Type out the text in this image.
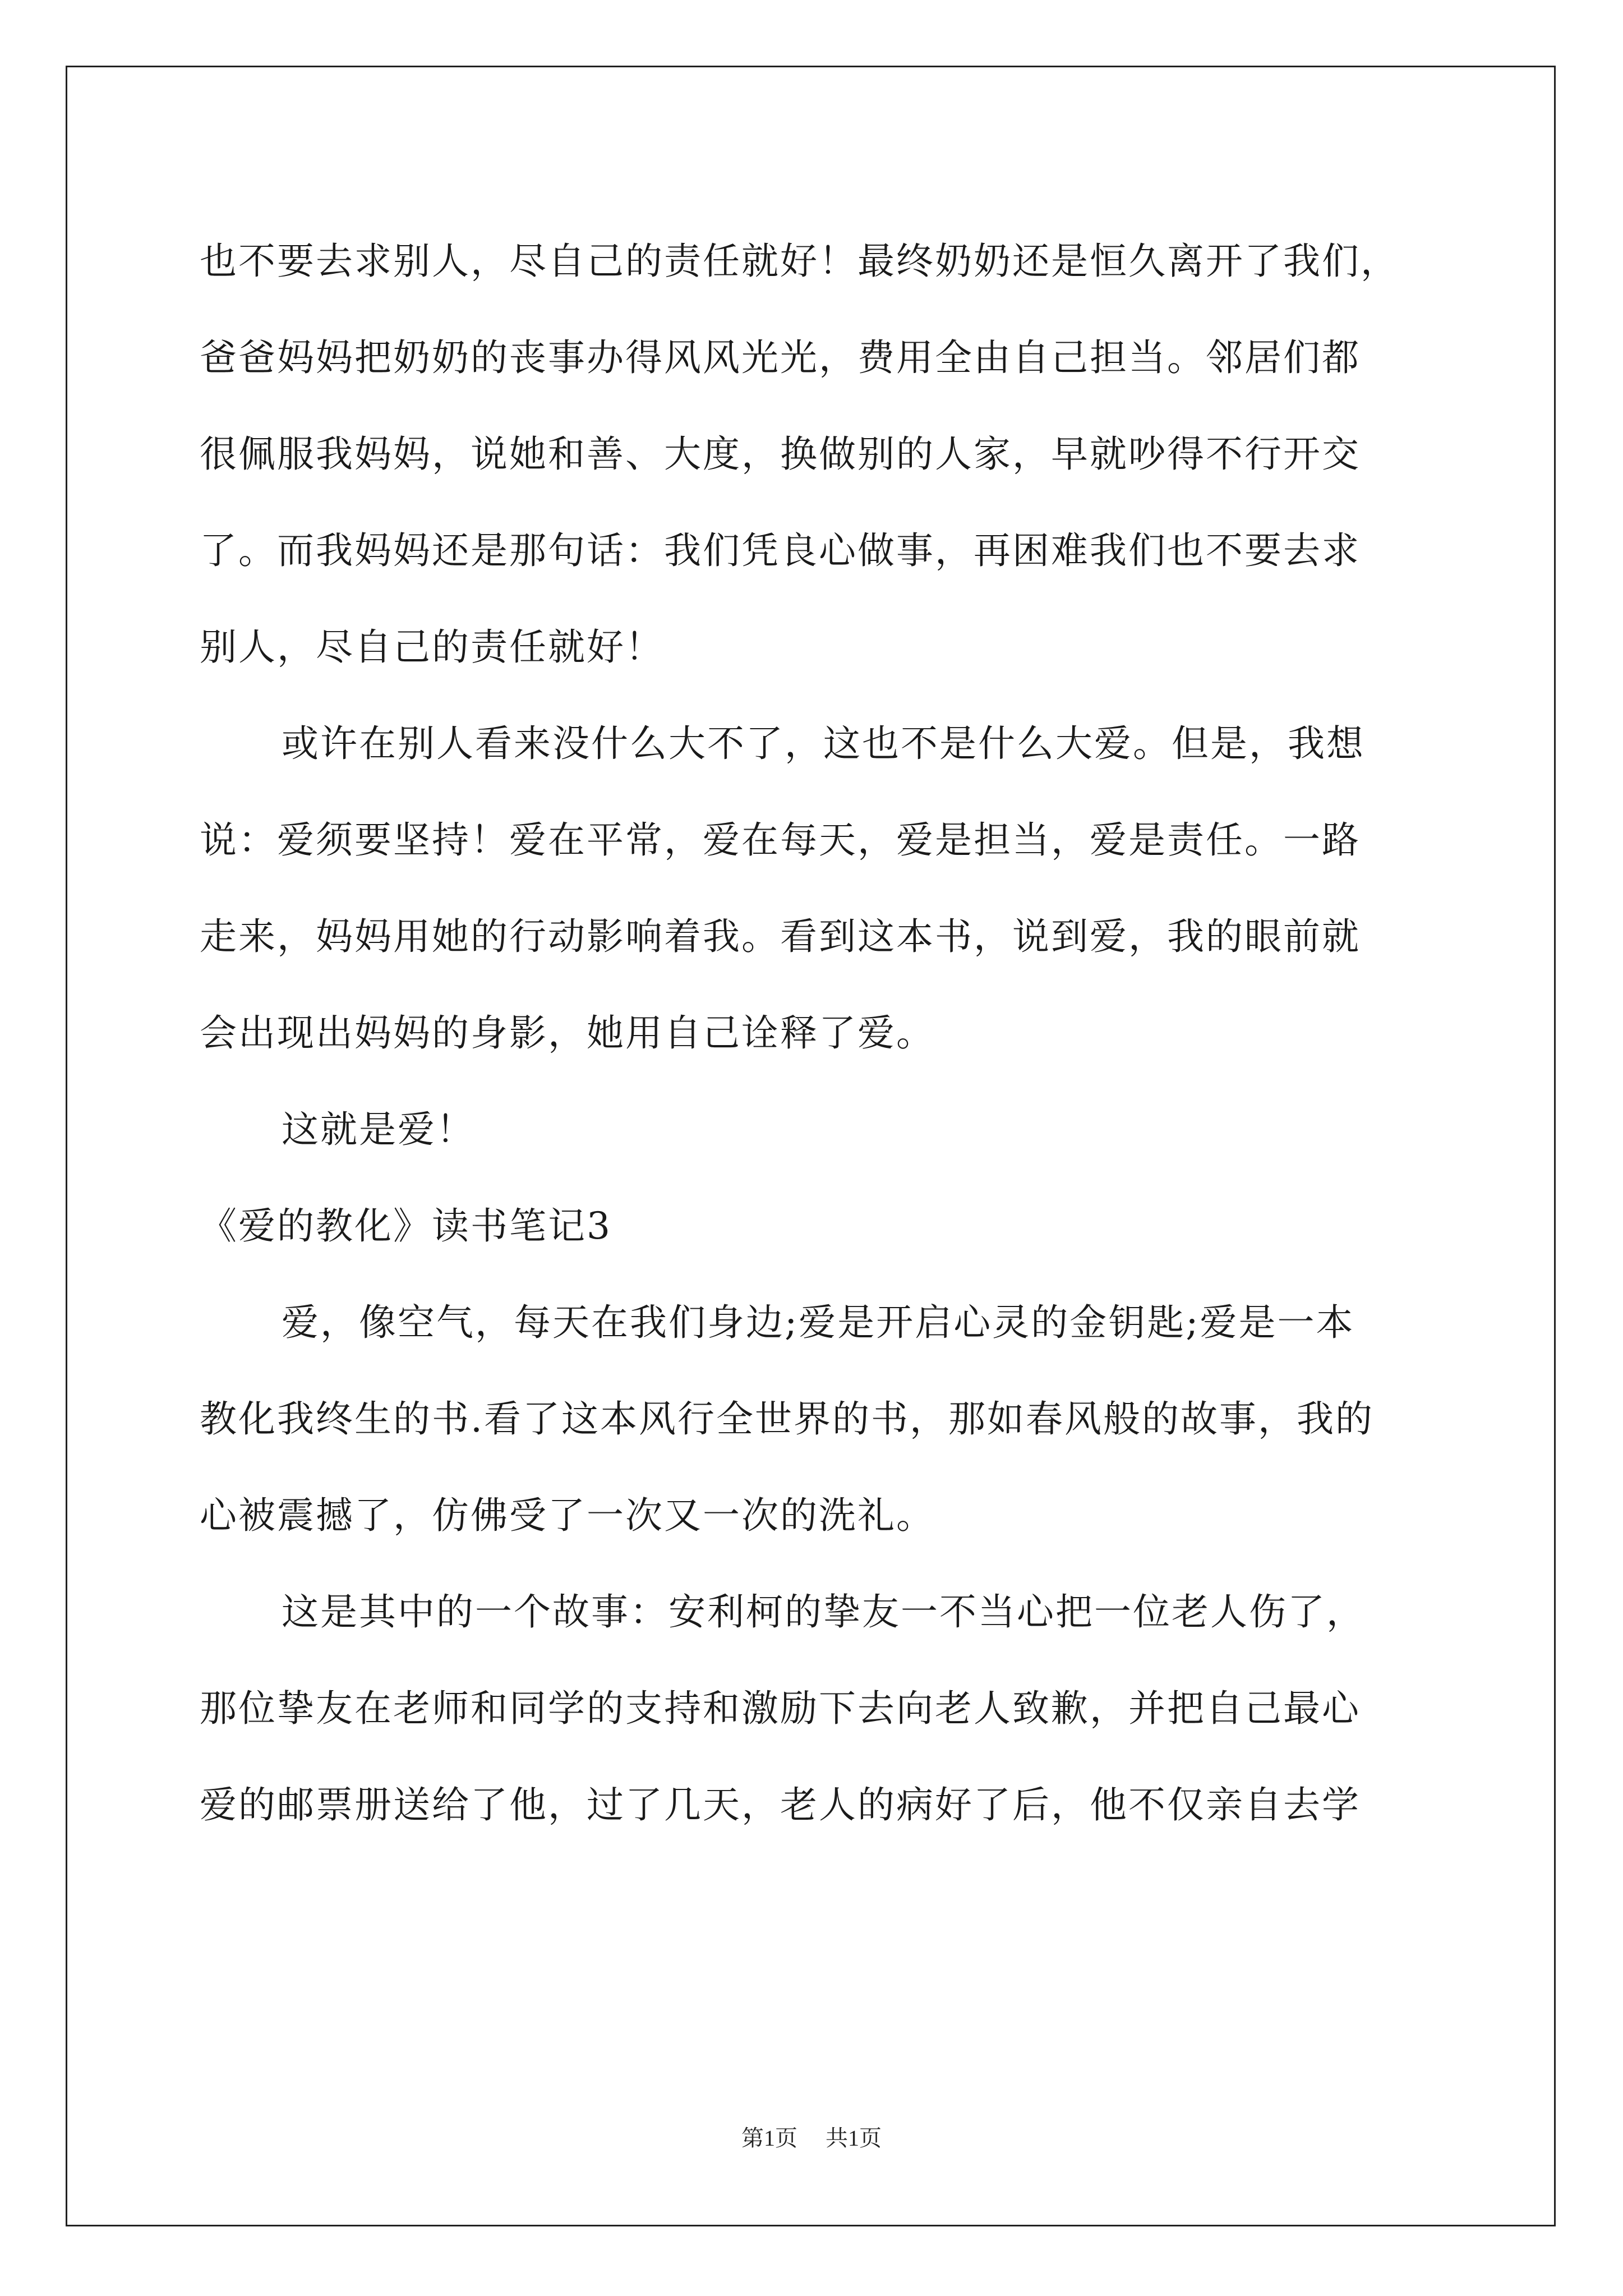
也不要去求别人，尽自己的责任就好！最终奶奶还是恒久离开了我们，
爸爸妈妈把奶奶的丧事办得风风光光，费用全由自己担当。邻居们都
很佩服我妈妈，说她和善、大度，换做别的人家，早就吵得不行开交
了。而我妈妈还是那句话：我们凭良心做事，再困难我们也不要去求
别人，尽自己的责任就好！
或许在别人看来没什么大不了，这也不是什么大爱。但是，我想
说：爱须要坚持！爱在平常，爱在每天，爱是担当，爱是责任。一路
走来，妈妈用她的行动影响着我。看到这本书，说到爱，我的眼前就
会出现出妈妈的身影，她用自己诠释了爱。
这就是爱！
《爱的教化》读书笔记3
爱，像空气，每天在我们身边;爱是开启心灵的金钥匙;爱是一本
教化我终生的书.看了这本风行全世界的书，那如春风般的故事，我的
心被震撼了，仿佛受了一次又一次的洗礼。
这是其中的一个故事：安利柯的挚友一不当心把一位老人伤了，
那位挚友在老师和同学的支持和激励下去向老人致歉，并把自己最心
爱的邮票册送给了他，过了几天，老人的病好了后，他不仅亲自去学
第1页 共1页
